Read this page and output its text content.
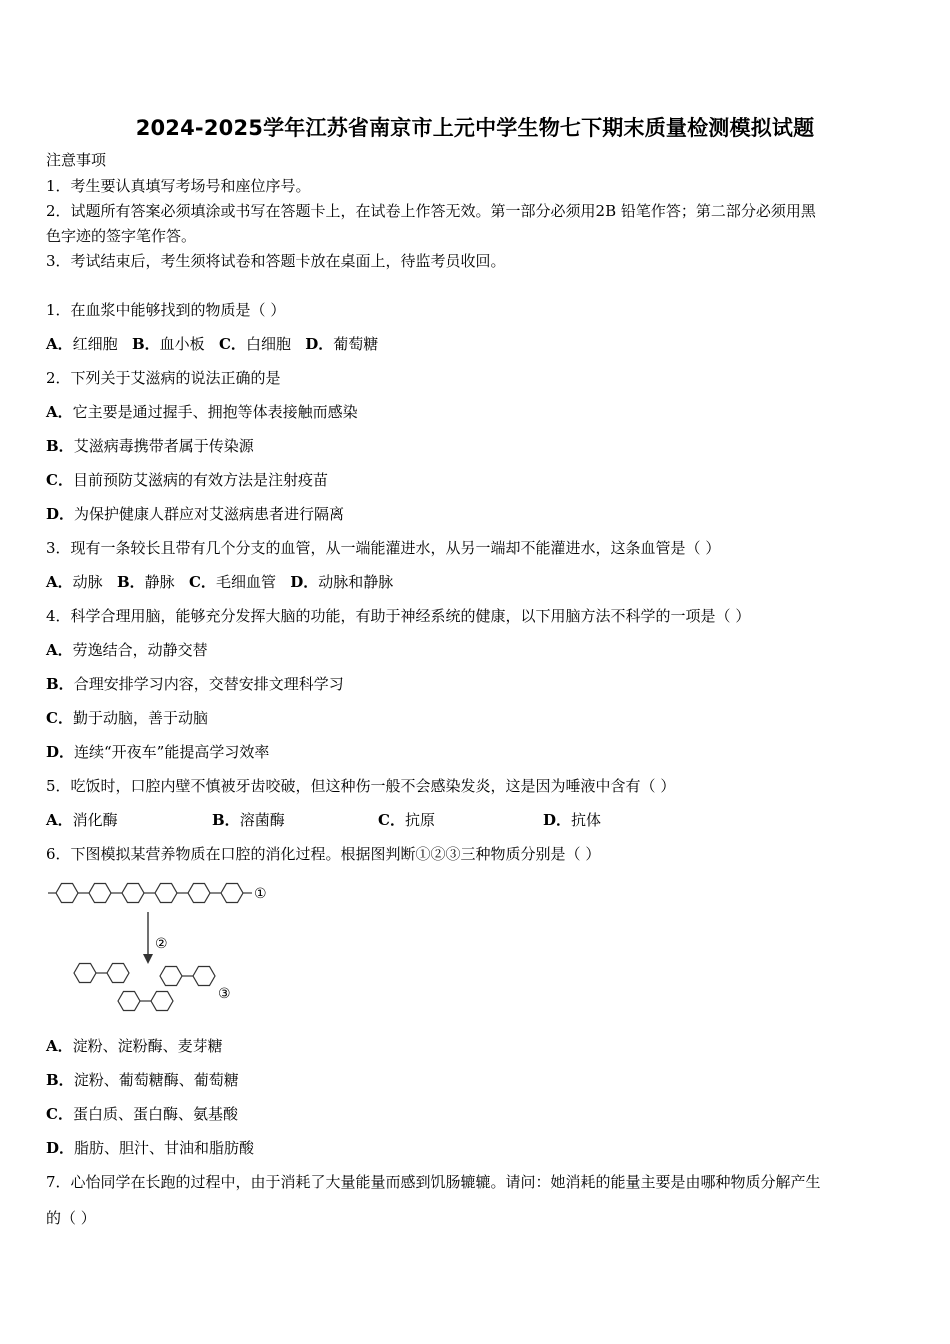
2024-2025学年江苏省南京市上元中学生物七下期末质量检测模拟试题
注意事项
1．考生要认真填写考场号和座位序号。
2．试题所有答案必须填涂或书写在答题卡上，在试卷上作答无效。第一部分必须用2B 铅笔作答；第二部分必须用黑
色字迹的签字笔作答。
3．考试结束后，考生须将试卷和答题卡放在桌面上，待监考员收回。
1．在血浆中能够找到的物质是（ ）
A．红细胞 B．血小板 C．白细胞 D．葡萄糖
2．下列关于艾滋病的说法正确的是
A．它主要是通过握手、拥抱等体表接触而感染
B．艾滋病毒携带者属于传染源
C．目前预防艾滋病的有效方法是注射疫苗
D．为保护健康人群应对艾滋病患者进行隔离
3．现有一条较长且带有几个分支的血管，从一端能灌进水，从另一端却不能灌进水，这条血管是（ ）
A．动脉 B．静脉 C．毛细血管 D．动脉和静脉
4．科学合理用脑，能够充分发挥大脑的功能，有助于神经系统的健康，以下用脑方法不科学的一项是（ ）
A．劳逸结合，动静交替
B．合理安排学习内容，交替安排文理科学习
C．勤于动脑，善于动脑
D．连续“开夜车”能提高学习效率
5．吃饭时，口腔内壁不慎被牙齿咬破，但这种伤一般不会感染发炎，这是因为唾液中含有（ ）
A．消化酶	B．溶菌酶	C．抗原	D．抗体
6．下图模拟某营养物质在口腔的消化过程。根据图判断①②③三种物质分别是（ ）
①
②
③
A．淀粉、淀粉酶、麦芽糖
B．淀粉、葡萄糖酶、葡萄糖
C．蛋白质、蛋白酶、氨基酸
D．脂肪、胆汁、甘油和脂肪酸
7．心怡同学在长跑的过程中，由于消耗了大量能量而感到饥肠辘辘。请问：她消耗的能量主要是由哪种物质分解产生
的（ ）
